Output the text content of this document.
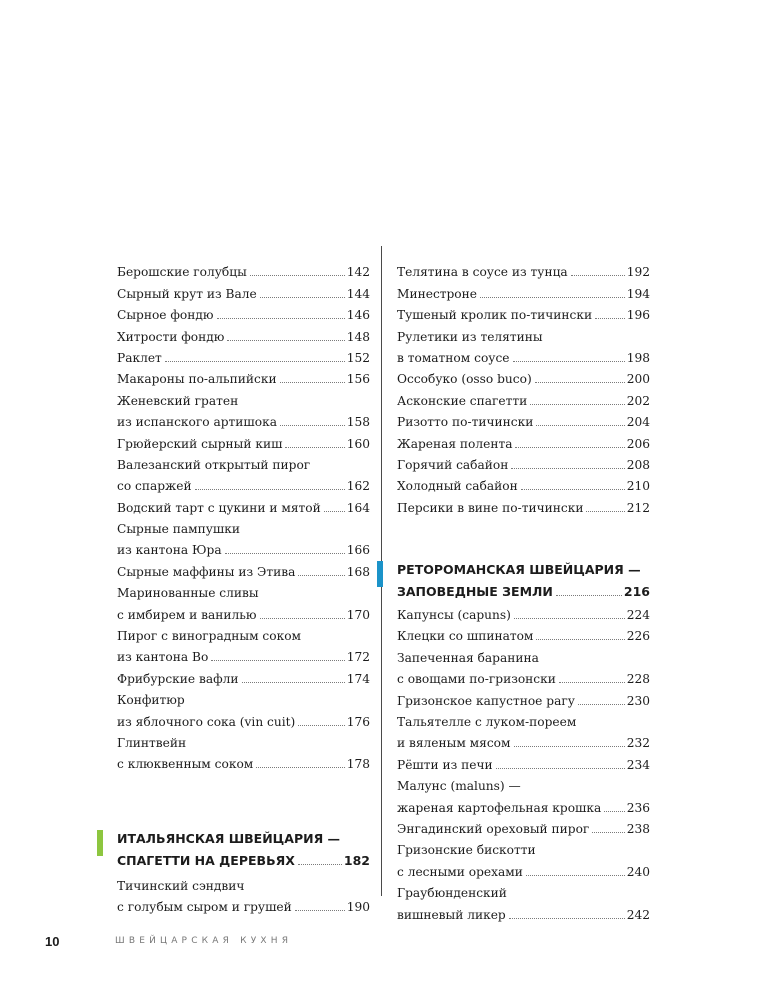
Берошские голубцы	142
Сырный крут из Вале	144
Сырное фондю	146
Хитрости фондю	148
Раклет	152
Макароны по-альпийски	156
Женевский гратен
из испанского артишока	158
Грюйерский сырный киш	160
Валезанский открытый пирог
со спаржей	162
Водский тарт с цукини и мятой 164
Сырные пампушки
из кантона Юра	166
Сырные маффины из Этива	168
Маринованные сливы
с имбирем и ванилью	170
Пирог с виноградным соком
из кантона Во	172
Фрибурские вафли	174
Конфитюр
из яблочного сока (vin cuit)	176
Глинтвейн
с клюквенным соком	178
ИТАЛЬЯНСКАЯ ШВЕЙЦАРИЯ —
СПАГЕТТИ НА ДЕРЕВЬЯХ	182
Тичинский сэндвич
с голубым сыром и грушей	190
Телятина в соусе из тунца	192
Минестроне	194
Тушеный кролик по-тичински	196
Рулетики из телятины
в томатном соусе	198
Оссобуко (osso buco)	200
Асконские спагетти	202
Ризотто по-тичински	204
Жареная полента	206
Горячий сабайон	208
Холодный сабайон	210
Персики в вине по-тичински	212
РЕТОРОМАНСКАЯ ШВЕЙЦАРИЯ —
ЗАПОВЕДНЫЕ ЗЕМЛИ	216
Капунсы (capuns)	224
Клецки со шпинатом	226
Запеченная баранина
с овощами по-гризонски	228
Гризонское капустное рагу	230
Тальятелле с луком-пореем
и вяленым мясом	232
Рёшти из печи	234
Малунс (maluns) —
жареная картофельная крошка 236
Энгадинский ореховый пирог	238
Гризонские бискотти
с лесными орехами	240
Граубюнденский
вишневый ликер	242
10	ШВЕЙЦАРСКАЯ КУХНЯ
